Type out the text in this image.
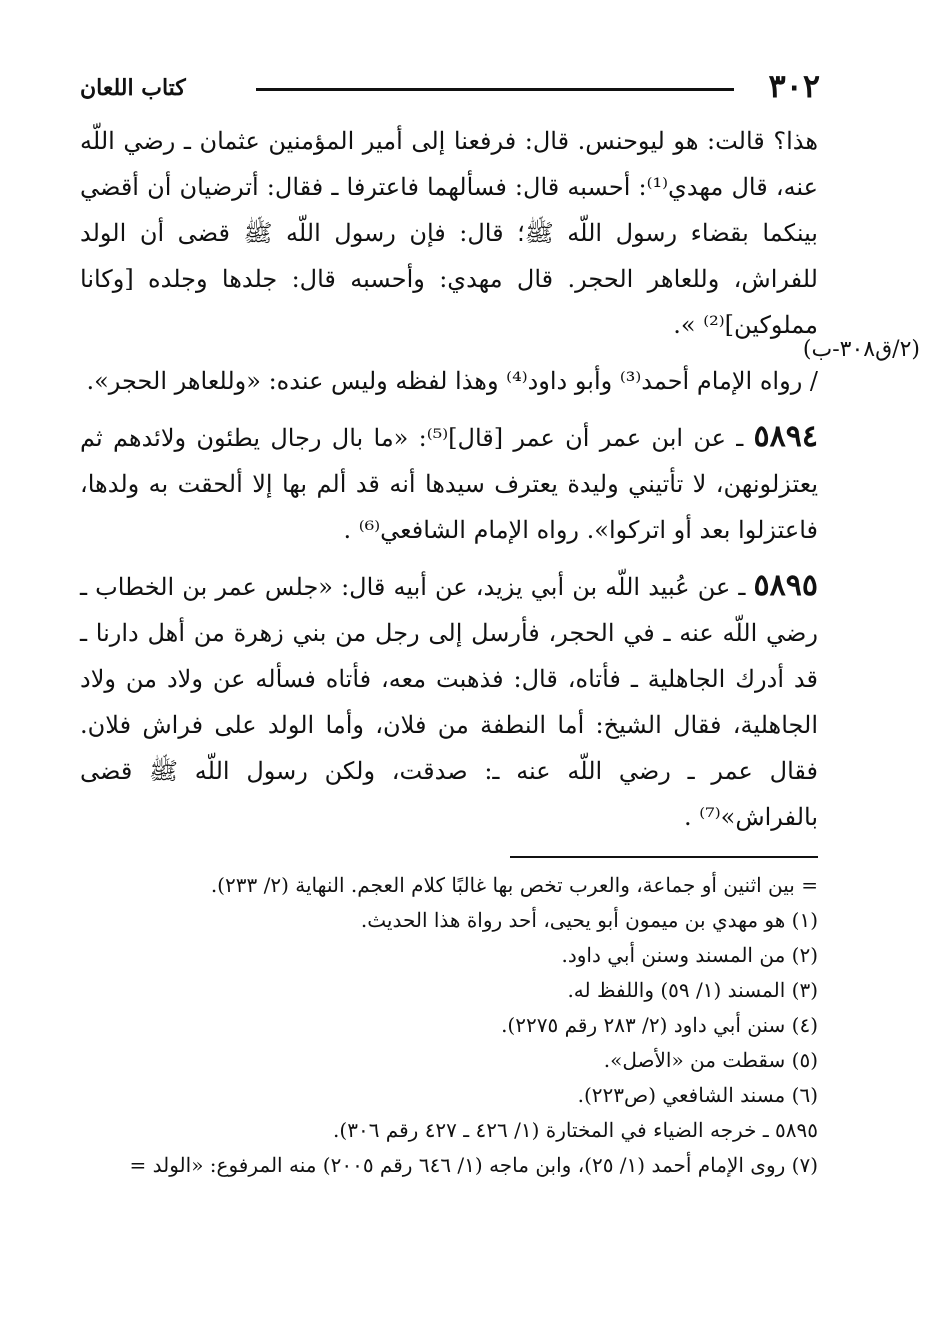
٣٠٢
كتاب اللعان
(٢/ق٣٠٨-ب)

هذا؟ قالت: هو ليوحنس. قال: فرفعنا إلى أمير المؤمنين عثمان ـ رضي اللّه عنه، قال مهدي⁽¹⁾: أحسبه قال: فسألهما فاعترفا ـ فقال: أترضيان أن أقضي بينكما بقضاء رسول اللّه ﷺ؛ قال: فإن رسول اللّه ﷺ قضى أن الولد للفراش، وللعاهر الحجر. قال مهدي: وأحسبه قال: جلدها وجلده [وكانا مملوكين]⁽²⁾ ».

/ رواه الإمام أحمد⁽³⁾ وأبو داود⁽⁴⁾ وهذا لفظه وليس عنده: «وللعاهر الحجر».

٥٨٩٤ ـ عن ابن عمر أن عمر [قال]⁽⁵⁾: «ما بال رجال يطئون ولائدهم ثم يعتزلونهن، لا تأتيني وليدة يعترف سيدها أنه قد ألم بها إلا ألحقت به ولدها، فاعتزلوا بعد أو اتركوا». رواه الإمام الشافعي⁽⁶⁾ .

٥٨٩٥ ـ عن عُبيد اللّه بن أبي يزيد، عن أبيه قال: «جلس عمر بن الخطاب ـ رضي اللّه عنه ـ في الحجر، فأرسل إلى رجل من بني زهرة من أهل دارنا ـ قد أدرك الجاهلية ـ فأتاه، قال: فذهبت معه، فأتاه فسأله عن ولاد من ولاد الجاهلية، فقال الشيخ: أما النطفة من فلان، وأما الولد على فراش فلان. فقال عمر ـ رضي اللّه عنه ـ: صدقت، ولكن رسول اللّه ﷺ قضى بالفراش»⁽⁷⁾ .

= بين اثنين أو جماعة، والعرب تخص بها غالبًا كلام العجم. النهاية (٢/ ٢٣٣).
(١) هو مهدي بن ميمون أبو يحيى، أحد رواة هذا الحديث.
(٢) من المسند وسنن أبي داود.
(٣) المسند (١/ ٥٩) واللفظ له.
(٤) سنن أبي داود (٢/ ٢٨٣ رقم ٢٢٧٥).
(٥) سقطت من «الأصل».
(٦) مسند الشافعي (ص٢٢٣).
٥٨٩٥ ـ خرجه الضياء في المختارة (١/ ٤٢٦ ـ ٤٢٧ رقم ٣٠٦).
(٧) روى الإمام أحمد (١/ ٢٥)، وابن ماجه (١/ ٦٤٦ رقم ٢٠٠٥) منه المرفوع: «الولد =
